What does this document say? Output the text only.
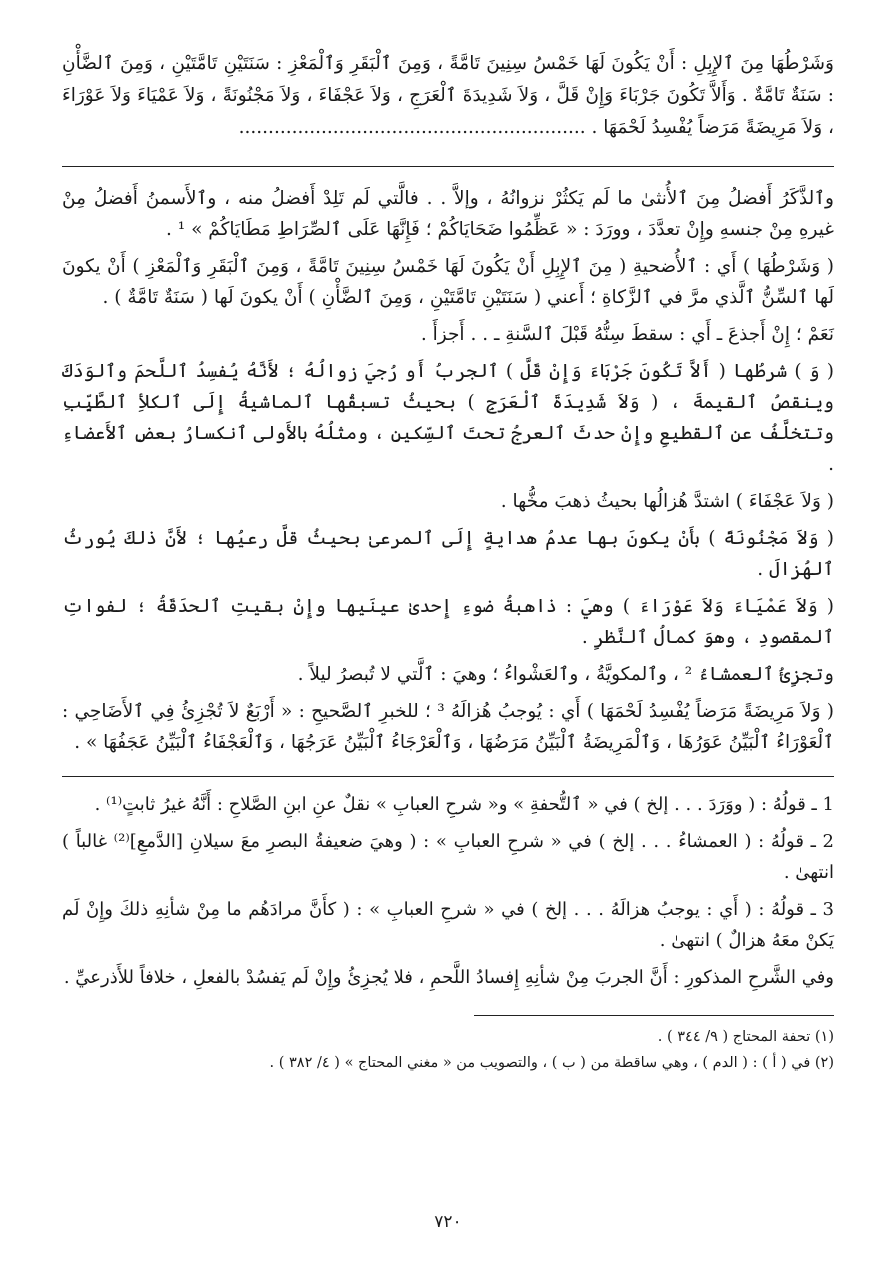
وَشَرْطُهَا مِنَ ٱلإِبِلِ : أَنْ يَكُونَ لَهَا خَمْسُ سِنِينَ تَامَّةً ، وَمِنَ ٱلْبَقَرِ وَٱلْمَعْزِ : سَنَتَيْنِ تَامَّتَيْنِ ، وَمِنَ ٱلضَّأْنِ : سَنَةٌ تَامَّةٌ . وَأَلاَّ تَكُونَ جَرْبَاءَ وَإِنْ قَلَّ ، وَلاَ شَدِيدَةَ ٱلْعَرَجِ ، وَلاَ عَجْفَاءَ ، وَلاَ مَجْنُونَةً ، وَلاَ عَمْيَاءَ وَلاَ عَوْرَاءَ ، وَلاَ مَرِيضَةً مَرَضاً يُفْسِدُ لَحْمَهَا . ...........................................................

وٱلذَّكَرُ أَفضلُ مِنَ ٱلأُنثىٰ ما لَم يَكثُرْ نزوانُهُ ، وإلاَّ . . فالَّتي لَم تَلِدْ أَفضلُ منه ، وٱلأَسمنُ أَفضلُ مِنْ غيرهِ مِنْ جنسهِ وإِنْ تعدَّدَ ، وورَدَ : « عَظِّمُوا ضَحَايَاكُمْ ؛ فَإِنَّهَا عَلَى ٱلصِّرَاطِ مَطَايَاكُمْ » ¹ .

( وَشَرْطُهَا ) أَي : ٱلأُضحيةِ ( مِنَ ٱلإِبِلِ أَنْ يَكُونَ لَهَا خَمْسُ سِنِينَ تَامَّةً ، وَمِنَ ٱلْبَقَرِ وَٱلْمَعْزِ ) أَنْ يكونَ لَها ٱلسِّنُّ ٱلَّذي مرَّ في ٱلزَّكاةِ ؛ أَعني ( سَنَتَيْنِ تَامَّتَيْنِ ، وَمِنَ ٱلضَّأْنِ ) أَنْ يكونَ لَها ( سَنَةٌ تَامَّةٌ ) .

نَعَمْ ؛ إِنْ أَجذعَ ـ أَي : سقطَ سِنُّهُ قَبْلَ ٱلسَّنةِ ـ . . أَجزأَ .

( وَ ) شرطُها ( أَلاَّ تَكُونَ جَرْبَاءَ وَإِنْ قَلَّ ) ٱلجربُ أَو رُجيَ زوالُهُ ؛ لأَنَّهُ يُفسِدُ ٱللَّحمَ وٱلوَدَكَ وينقصُ ٱلقيمةَ ، ( وَلاَ شَدِيدَةَ ٱلْعَرَجِ ) بحيثُ تسبقُها ٱلماشيةُ إِلَى ٱلكلأِ ٱلطَّيِّبِ وتتخلَّفُ عنِ ٱلقطيعِ وإِنْ حدثَ ٱلعرجُ تحتَ ٱلسِّكينِ ، ومثلُهُ بالأَولى ٱنكسارُ بعضِ ٱلأَعضاءِ .

( وَلاَ عَجْفَاءَ ) اشتدَّ هُزالُها بحيثُ ذهبَ مخُّها .

( وَلاَ مَجْنُونَةً ) بأَنْ يكونَ بها عدمُ هدايةٍ إِلَى ٱلمرعىٰ بحيثُ قلَّ رعيُها ؛ لأَنَّ ذلكَ يُورثُ ٱلهُزالَ .

( وَلاَ عَمْيَاءَ وَلاَ عَوْرَاءَ ) وهيَ : ذاهبةُ ضوءِ إِحدىٰ عينَيها وإِنْ بقيتِ ٱلحدَقَةُ ؛ لفواتِ ٱلمقصودِ ، وهوَ كمالُ ٱلنَّظرِ .

وتجزِئُ ٱلعمشاءُ ² ، وٱلمكويَّةُ ، وٱلعَشْواءُ ؛ وهيَ : ٱلَّتي لا تُبصرُ ليلاً .

( وَلاَ مَرِيضَةً مَرَضاً يُفْسِدُ لَحْمَهَا ) أَي : يُوجبُ هُزالَهُ ³ ؛ للخبرِ ٱلصَّحيحِ : « أَرْبَعٌ لاَ تُجْزِئُ فِي ٱلأَضَاحِي : ٱلْعَوْرَاءُ ٱلْبَيِّنُ عَوَرُهَا ، وَٱلْمَرِيضَةُ ٱلْبَيِّنُ مَرَضُهَا ، وَٱلْعَرْجَاءُ ٱلْبَيِّنُ عَرَجُهَا ، وَٱلْعَجْفَاءُ ٱلْبَيِّنُ عَجَفُهَا » .

1 ـ قولُهُ : ( ووَرَدَ . . . إلخ ) في « ٱلتُّحفةِ » و« شرحِ العبابِ » نقلٌ عنِ ابنِ الصَّلاحِ : أَنَّهُ غيرُ ثابتٍ⁽¹⁾ .

2 ـ قولُهُ : ( العمشاءُ . . . إلخ ) في « شرحِ العبابِ » : ( وهيَ ضعيفةُ البصرِ معَ سيلانِ [الدَّمعِ]⁽²⁾ غالباً ) انتهىٰ .

3 ـ قولُهُ : ( أَي : يوجبُ هزالَهُ . . . إلخ ) في « شرحِ العبابِ » : ( كأَنَّ مرادَهُم ما مِنْ شأنِهِ ذلكَ وإِنْ لَم يَكنْ معَهُ هزالٌ ) انتهىٰ .

وفي الشَّرحِ المذكورِ : أَنَّ الجربَ مِنْ شأنِهِ إِفسادُ اللَّحمِ ، فلا يُجزِئُ وإِنْ لَم يَفسُدْ بالفعلِ ، خلافاً للأَذرعيِّ .

(١) تحفة المحتاج ( ٩/ ٣٤٤ ) .

(٢) في ( أ ) : ( الدم ) ، وهي ساقطة من ( ب ) ، والتصويب من « مغني المحتاج » ( ٤/ ٣٨٢ ) .

٧٢٠
